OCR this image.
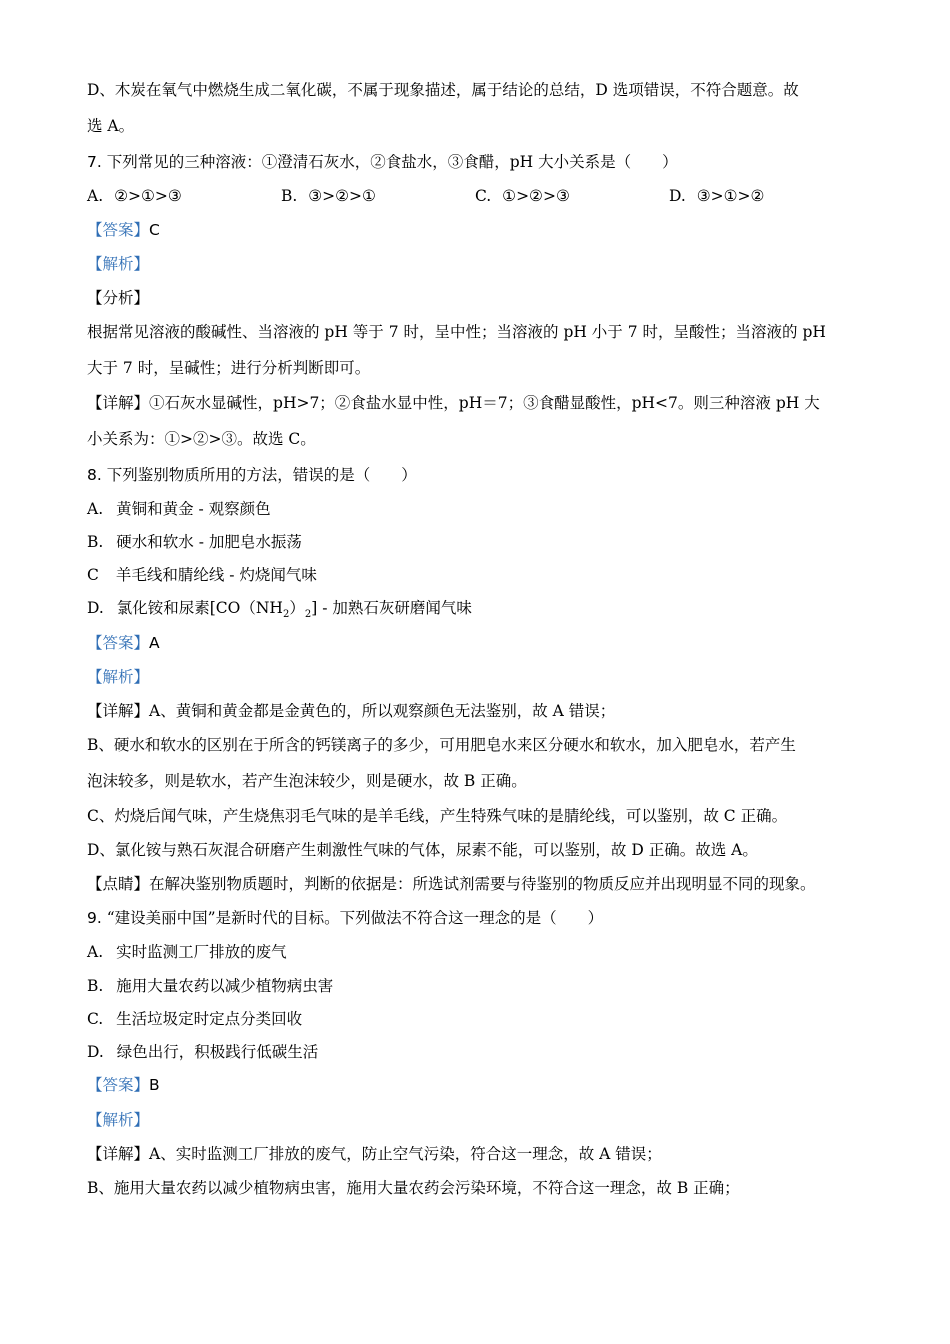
D、木炭在氧气中燃烧生成二氧化碳，不属于现象描述，属于结论的总结，D 选项错误，不符合题意。故
选 A。
7. 下列常见的三种溶液：①澄清石灰水，②食盐水，③食醋，pH 大小关系是（　　）
A. ②>①>③	B. ③>②>①	C. ①>②>③	D. ③>①>②
【答案】C
【解析】
【分析】
根据常见溶液的酸碱性、当溶液的 pH 等于 7 时，呈中性；当溶液的 pH 小于 7 时，呈酸性；当溶液的 pH
大于 7 时，呈碱性；进行分析判断即可。
【详解】①石灰水显碱性，pH>7；②食盐水显中性，pH＝7；③食醋显酸性，pH<7。则三种溶液 pH 大
小关系为：①>②>③。故选 C。
8. 下列鉴别物质所用的方法，错误的是（　　）
A. 黄铜和黄金 - 观察颜色
B. 硬水和软水 - 加肥皂水振荡
C 羊毛线和腈纶线 - 灼烧闻气味
D. 氯化铵和尿素$[CO(NH_2)_2]$ - 加熟石灰研磨闻气味
【答案】A
【解析】
【详解】A、黄铜和黄金都是金黄色的，所以观察颜色无法鉴别，故 A 错误；
B、硬水和软水的区别在于所含的钙镁离子的多少，可用肥皂水来区分硬水和软水，加入肥皂水，若产生
泡沫较多，则是软水，若产生泡沫较少，则是硬水，故 B 正确。
C、灼烧后闻气味，产生烧焦羽毛气味的是羊毛线，产生特殊气味的是腈纶线，可以鉴别，故 C 正确。
D、氯化铵与熟石灰混合研磨产生刺激性气味的气体，尿素不能，可以鉴别，故 D 正确。故选 A。
【点睛】在解决鉴别物质题时，判断的依据是：所选试剂需要与待鉴别的物质反应并出现明显不同的现象。
9. “建设美丽中国”是新时代的目标。下列做法不符合这一理念的是（　　）
A. 实时监测工厂排放的废气
B. 施用大量农药以减少植物病虫害
C. 生活垃圾定时定点分类回收
D. 绿色出行，积极践行低碳生活
【答案】B
【解析】
【详解】A、实时监测工厂排放的废气，防止空气污染，符合这一理念，故 A 错误；
B、施用大量农药以减少植物病虫害，施用大量农药会污染环境，不符合这一理念，故 B 正确；
